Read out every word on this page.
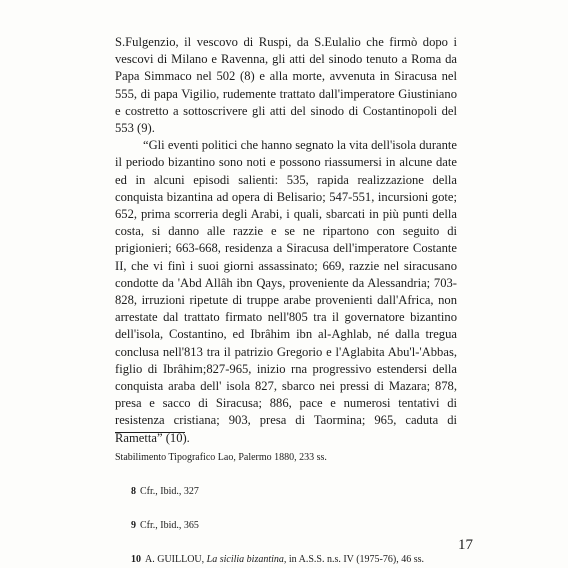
S.Fulgenzio, il vescovo di Ruspi, da S.Eulalio che firmò dopo i vescovi di Milano e Ravenna, gli atti del sinodo tenuto a Roma da Papa Simmaco nel 502 (8) e alla morte, avvenuta in Siracusa nel 555, di papa Vigilio, rudemente trattato dall'imperatore Giustiniano e costretto a sottoscrivere gli atti del sinodo di Costantinopoli del 553 (9).

“Gli eventi politici che hanno segnato la vita dell'isola durante il periodo bizantino sono noti e possono riassumersi in alcune date ed in alcuni episodi salienti: 535, rapida realizzazione della conquista bizantina ad opera di Belisario; 547-551, incursioni gote; 652, prima scorreria degli Arabi, i quali, sbarcati in più punti della costa, si danno alle razzie e se ne ripartono con seguito di prigionieri; 663-668, residenza a Siracusa dell'imperatore Costante II, che vi finì i suoi giorni assassinato; 669, razzie nel siracusano condotte da 'Abd Allâh ibn Qays, proveniente da Alessandria; 703-828, irruzioni ripetute di truppe arabe provenienti dall'Africa, non arrestate dal trattato firmato nell'805 tra il governatore bizantino dell'isola, Costantino, ed Ibrâhim ibn al-Aghlab, né dalla tregua conclusa nell'813 tra il patrizio Gregorio e l'Aglabita Abu'l-'Abbas, figlio di Ibrâhim;827-965, inizio rna progressivo estendersi della conquista araba dell' isola 827, sbarco nei pressi di Mazara; 878, presa e sacco di Siracusa; 886, pace e numerosi tentativi di resistenza cristiana; 903, presa di Taormina; 965, caduta di Rametta” (10).

Stabilimento Tipografico Lao, Palermo 1880, 233 ss.

8 Cfr., Ibid., 327
9 Cfr., Ibid., 365
10 A. GUILLOU, La sicilia bizantina, in A.S.S. n.s. IV (1975-76), 46 ss.
17
